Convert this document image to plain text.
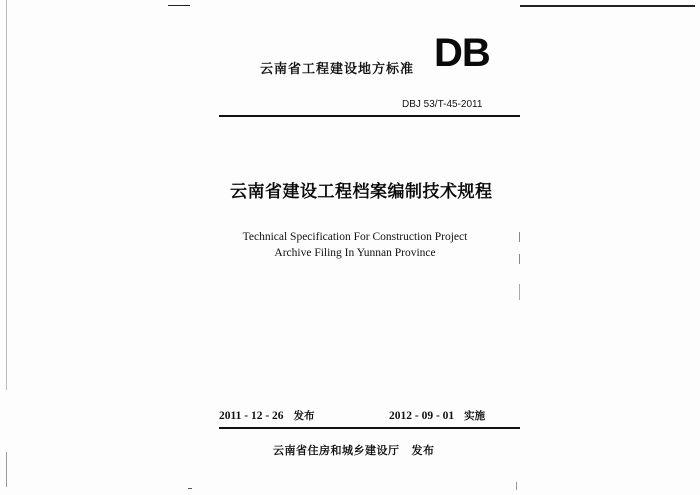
云南省工程建设地方标准 DB
DBJ 53/T-45-2011
云南省建设工程档案编制技术规程
Technical Specification For Construction Project
Archive Filing In Yunnan Province
2011 - 12 - 26 发布	2012 - 09 - 01 实施
云南省住房和城乡建设厅 发布
